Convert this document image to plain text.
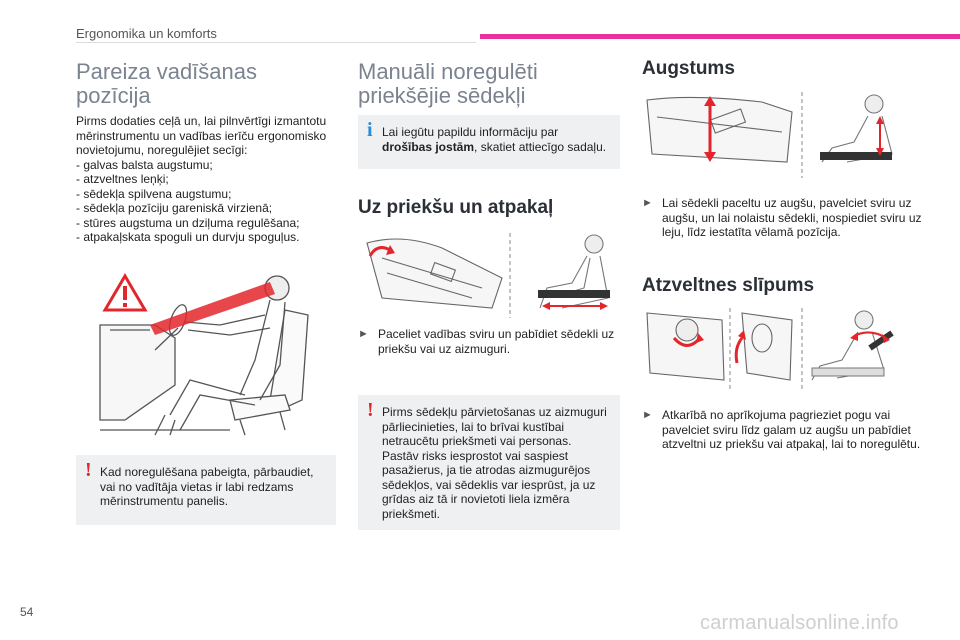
Ergonomika un komforts
Pareiza vadīšanas
pozīcija
Pirms dodaties ceļā un, lai pilnvērtīgi izmantotu mērinstrumentu un vadības ierīču ergonomisko novietojumu, noregulējiet secīgi:
- galvas balsta augstumu;
- atzveltnes leņķi;
- sēdekļa spilvena augstumu;
- sēdekļa pozīciju gareniskā virzienā;
- stūres augstuma un dziļuma regulēšana;
- atpakaļskata spoguli un durvju spoguļus.
! Kad noregulēšana pabeigta, pārbaudiet, vai no vadītāja vietas ir labi redzams mērinstrumentu panelis.
Manuāli noregulēti
priekšējie sēdekļi
i Lai iegūtu papildu informāciju par drošības jostām, skatiet attiecīgo sadaļu.
Uz priekšu un atpakaļ
► Paceliet vadības sviru un pabīdiet sēdekli uz priekšu vai uz aizmuguri.
! Pirms sēdekļu pārvietošanas uz aizmuguri pārliecinieties, lai to brīvai kustībai netraucētu priekšmeti vai personas. Pastāv risks iesprostot vai saspiest pasažierus, ja tie atrodas aizmugurējos sēdekļos, vai sēdeklis var iesprūst, ja uz grīdas aiz tā ir novietoti liela izmēra priekšmeti.
Augstums
► Lai sēdekli paceltu uz augšu, pavelciet sviru uz augšu, un lai nolaistu sēdekli, nospiediet sviru uz leju, līdz iestatīta vēlamā pozīcija.
Atzveltnes slīpums
► Atkarībā no aprīkojuma pagrieziet pogu vai pavelciet sviru līdz galam uz augšu un pabīdiet atzveltni uz priekšu vai atpakaļ, lai to noregulētu.
54	carmanualsonline.info
